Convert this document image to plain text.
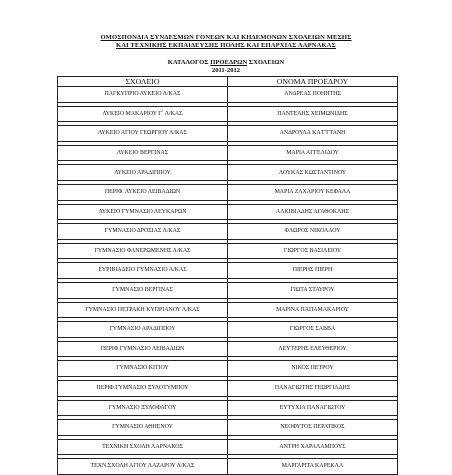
ΟΜΟΣΠΟΝΔΙΑ ΣΥΝΔΕΣΜΩΝ ΓΟΝΕΩΝ ΚΑΙ ΚΗΔΕΜΟΝΩΝ ΣΧΟΛΕΙΩΝ ΜΕΣΗΣ
ΚΑΙ ΤΕΧΝΙΚΗΣ ΕΚΠΑΙΔΕΥΣΗΣ ΠΟΛΗΣ ΚΑΙ ΕΠΑΡΧΙΑΣ ΛΑΡΝΑΚΑΣ
ΚΑΤΑΛΟΓΟΣ ΠΡΟΕΔΡΩΝ ΣΧΟΛΕΙΩΝ
2011-2012
ΣΧΟΛΕΙΟ	ΟΝΟΜΑ ΠΡΟΕΔΡΟΥ
ΠΑΓΚΥΠΡΙΟ ΛΥΚΕΙΟ Λ/ΚΑΣ	ΑΝΔΡΕΑΣ ΠΟΗΗΤΗΣ

ΛΥΚΕΙΟ ΜΑΚΑΡΙΟΥ Γ΄ Λ/ΚΑΣ	ΠΑΝΤΕΛΗΣ ΧΕΙΜΩΝΙΔΗΣ

ΛΥΚΕΙΟ ΑΓΙΟΥ ΓΕΩΡΓΙΟΥ Λ/ΚΑΣ	ΑΝΔΡΟΥΛΑ ΚΑ'Γ'ΓΤΑΝΗ

ΛΥΚΕΙΟ ΒΕΡΓΙΝΑΣ	ΜΑΡΙΑ ΑΓΓΕΛΙΔΟΥ

ΛΥΚΕΙΟ ΑΡΑΔΙΠΠΟΥ	ΛΟΥΚΑΣ ΚΩΣΤΑΝΤΙΝΟΥ

ΠΕΡΙΦ. ΛΥΚΕΙΟ ΛΕΙΒΑΔΙΩΝ	ΜΑΡΙΑ ΖΑΧΑΡΙΟΥ ΚΕΦΑΛΑ

ΛΥΚΕΙΟ ΓΥΜΝΑΣΙΟ ΛΕΥΚΑΡΩΝ	ΑΛΚΙΒΙΑΔΗΣ ΑΓΑΘΟΚΛΗΣ

ΓΥΜΝΑΣΙΟ ΔΡΟΣΙΑΣ Λ/ΚΑΣ	ΦΛΩΡΟΣ ΝΙΚΟΛΑΟΥ

ΓΥΜΝΑΣΙΟ ΦΑΝΕΡΩΜΕΝΗΣ Λ/ΚΑΣ	ΓΙΩΡΓΟΣ ΒΑΣΙΛΕΙΟΥ

ΕΥΡΙΒΙΑΔΕΙΟ ΓΥΜΝΑΣΙΟ Λ/ΚΑΣ	ΠΙΕΡΗΣ ΠΙΕΡΗ

ΓΥΜΝΑΣΙΟ ΒΕΡΓΙΝΑΣ	ΓΙΩΤΑ ΣΤΑΥΡΟΥ

ΓΥΜΝΑΣΙΟ ΠΕΤΡΑΚΗ ΚΥΠΡΙΑΝΟΥ Λ/ΚΑΣ	ΜΑΡΙΝΑ ΠΑΠΑΜΑΚΑΡΙΟΥ

ΓΥΜΝΑΣΙΟ ΑΡΑΔΙΠΠΟΥ	ΓΙΩΡΓΟΣ ΣΑΒΒΑ

ΠΕΡΙΦ.ΓΥΜΝΑΣΙΟ ΛΕΙΒΑΔΙΩΝ	ΛΕΥΤΕΡΗΣ ΕΛΕΥΘΕΡΙΟΥ

ΓΥΜΝΑΣΙΟ ΚΙΤΙΟΥ	ΝΙΚΟΣ ΠΕΤΡΟΥ

ΠΕΡΙΦ.ΓΥΜΝΑΣΙΟ ΞΥΛΟΤΥΜΠΟΥ	ΠΑΝΑΓΙΩΤΗΣ ΓΕΩΡΓΙΑΔΗΣ

ΓΥΜΝΑΣΙΟ ΞΥΛΟΦΑΓΟΥ	ΕΥΤΥΧΙΑ ΠΑΝΑΓΙΩΤΟΥ

ΓΥΜΝΑΣΙΟ ΑΘΗΕΝΟΥ	ΝΕΟΦΥΤΟΣ ΠΕΡΑΤΙΚΟΣ

ΤΕΧΝΙΚΗ ΣΧΟΛΗ ΛΑΡΝΑΚΟΣ	ΑΝΤΡΗ ΧΑΡΑΛΑΜΠΟΥΣ

ΤΕΧΝ.ΣΧΟΛΗ ΑΓΙΟΥ ΛΑΖΑΡΟΥ Λ/ΚΑΣ	ΜΑΡΓΑΡΙΤΑ ΚΑΡΕΚΛΑ
